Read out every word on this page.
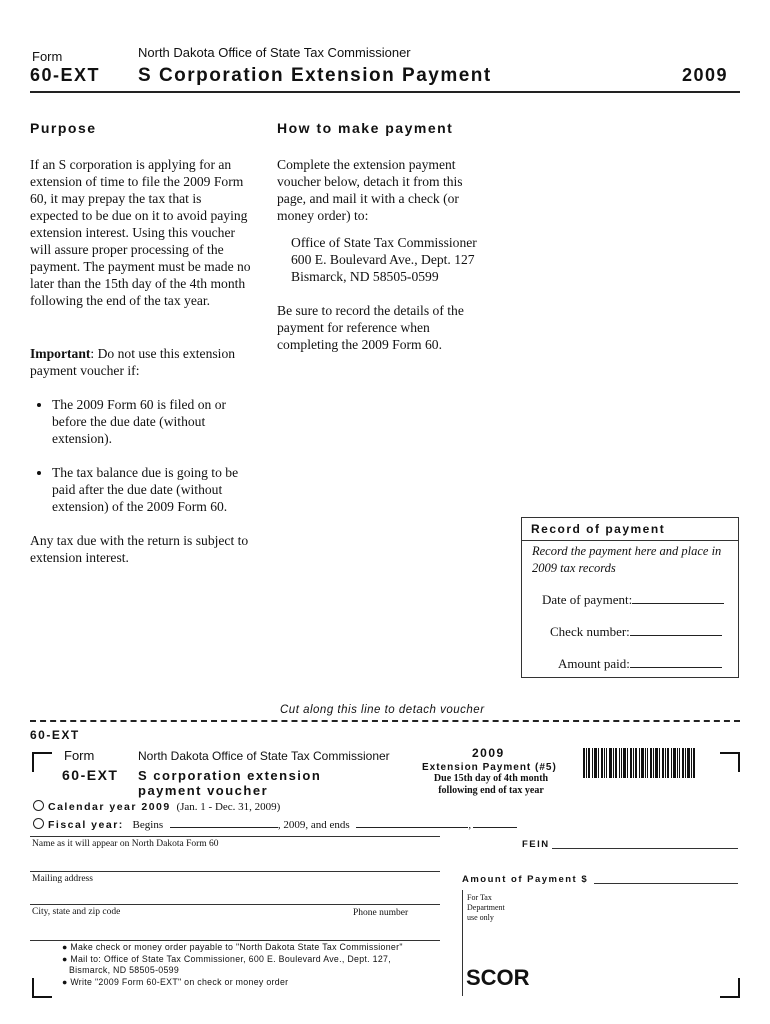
Form	North Dakota Office of State Tax Commissioner
60-EXT S Corporation Extension Payment	2009
Purpose
If an S corporation is applying for an extension of time to file the 2009 Form 60, it may prepay the tax that is expected to be due on it to avoid paying extension interest. Using this voucher will assure proper processing of the payment. The payment must be made no later than the 15th day of the 4th month following the end of the tax year.
Important: Do not use this extension payment voucher if:
• The 2009 Form 60 is filed on or before the due date (without extension).
• The tax balance due is going to be paid after the due date (without extension) of the 2009 Form 60.
Any tax due with the return is subject to extension interest.
How to make payment
Complete the extension payment voucher below, detach it from this page, and mail it with a check (or money order) to:
Office of State Tax Commissioner
600 E. Boulevard Ave., Dept. 127
Bismarck, ND 58505-0599
Be sure to record the details of the payment for reference when completing the 2009 Form 60.
Record of payment
Record the payment here and place in 2009 tax records
Date of payment:
Check number:
Amount paid:
Cut along this line to detach voucher
60-EXT
Form	North Dakota Office of State Tax Commissioner
60-EXT S corporation extension
payment voucher
2009
Extension Payment (#5)
Due 15th day of 4th month
following end of tax year
Calendar year 2009 (Jan. 1 - Dec. 31, 2009)
Fiscal year: Begins	, 2009, and ends	,
Name as it will appear on North Dakota Form 60	FEIN
Mailing address	Amount of Payment $
City, state and zip code	Phone number
For Tax
Department
use only
● Make check or money order payable to "North Dakota State Tax Commissioner"
● Mail to: Office of State Tax Commissioner, 600 E. Boulevard Ave., Dept. 127,
Bismarck, ND 58505-0599
● Write "2009 Form 60-EXT" on check or money order	SCOR
